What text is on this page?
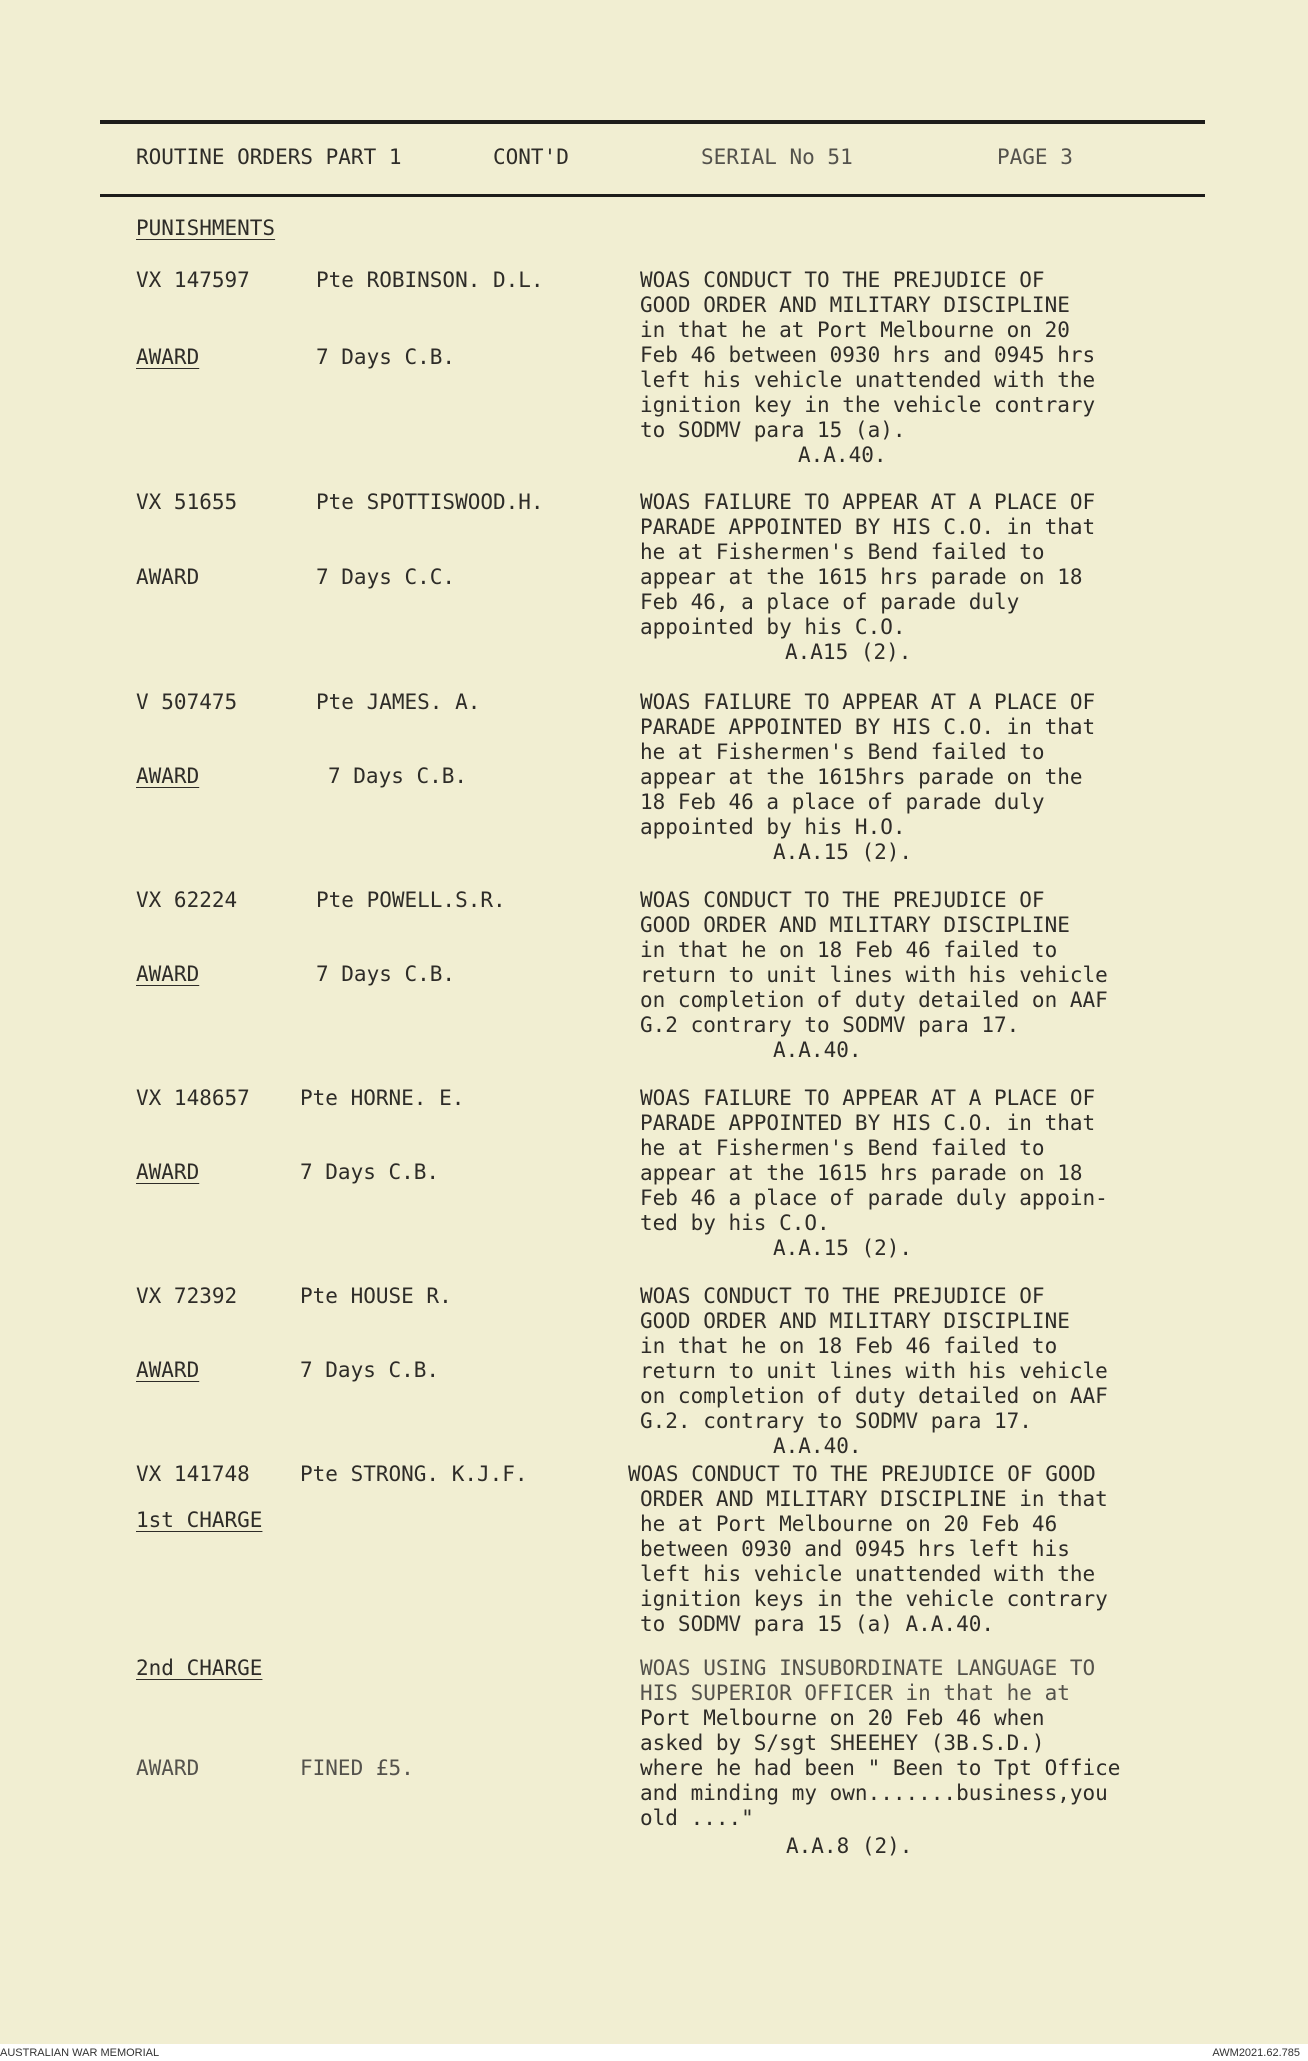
ROUTINE ORDERS PART 1	CONT'D	SERIAL No 51	PAGE 3
PUNISHMENTS
VX 147597	Pte ROBINSON. D.L.
AWARD	7 Days C.B.
WOAS CONDUCT TO THE PREJUDICE OF
GOOD ORDER AND MILITARY DISCIPLINE
in that he at Port Melbourne on 20
Feb 46 between 0930 hrs and 0945 hrs
left his vehicle unattended with the
ignition key in the vehicle contrary
to SODMV para 15 (a).
A.A.40.
VX 51655	Pte SPOTTISWOOD.H.
AWARD	7 Days C.C.
WOAS FAILURE TO APPEAR AT A PLACE OF
PARADE APPOINTED BY HIS C.O. in that
he at Fishermen's Bend failed to
appear at the 1615 hrs parade on 18
Feb 46, a place of parade duly
appointed by his C.O.
A.A15 (2).
V 507475	Pte JAMES. A.
AWARD	7 Days C.B.
WOAS FAILURE TO APPEAR AT A PLACE OF
PARADE APPOINTED BY HIS C.O. in that
he at Fishermen's Bend failed to
appear at the 1615hrs parade on the
18 Feb 46 a place of parade duly
appointed by his H.O.
A.A.15 (2).
VX 62224	Pte POWELL.S.R.
AWARD	7 Days C.B.
WOAS CONDUCT TO THE PREJUDICE OF
GOOD ORDER AND MILITARY DISCIPLINE
in that he on 18 Feb 46 failed to
return to unit lines with his vehicle
on completion of duty detailed on AAF
G.2 contrary to SODMV para 17.
A.A.40.
VX 148657 Pte HORNE. E.
AWARD	7 Days C.B.
WOAS FAILURE TO APPEAR AT A PLACE OF
PARADE APPOINTED BY HIS C.O. in that
he at Fishermen's Bend failed to
appear at the 1615 hrs parade on 18
Feb 46 a place of parade duly appoin-
ted by his C.O.
A.A.15 (2).
VX 72392	Pte HOUSE R.
AWARD	7 Days C.B.
WOAS CONDUCT TO THE PREJUDICE OF
GOOD ORDER AND MILITARY DISCIPLINE
in that he on 18 Feb 46 failed to
return to unit lines with his vehicle
on completion of duty detailed on AAF
G.2. contrary to SODMV para 17.
A.A.40.
VX 141748 Pte STRONG. K.J.F.
1st CHARGE
WOAS CONDUCT TO THE PREJUDICE OF GOOD
ORDER AND MILITARY DISCIPLINE in that
he at Port Melbourne on 20 Feb 46
between 0930 and 0945 hrs left his
left his vehicle unattended with the
ignition keys in the vehicle contrary
to SODMV para 15 (a) A.A.40.
2nd CHARGE	WOAS USING INSUBORDINATE LANGUAGE TO
HIS SUPERIOR OFFICER in that he at
Port Melbourne on 20 Feb 46 when
asked by S/sgt SHEEHEY (3B.S.D.)
where he had been " Been to Tpt Office
and minding my own.......business,you
old ...."
A.A.8 (2).
AWARD	FINED £5.
AUSTRALIAN WAR MEMORIAL	AWM2021.62.785
